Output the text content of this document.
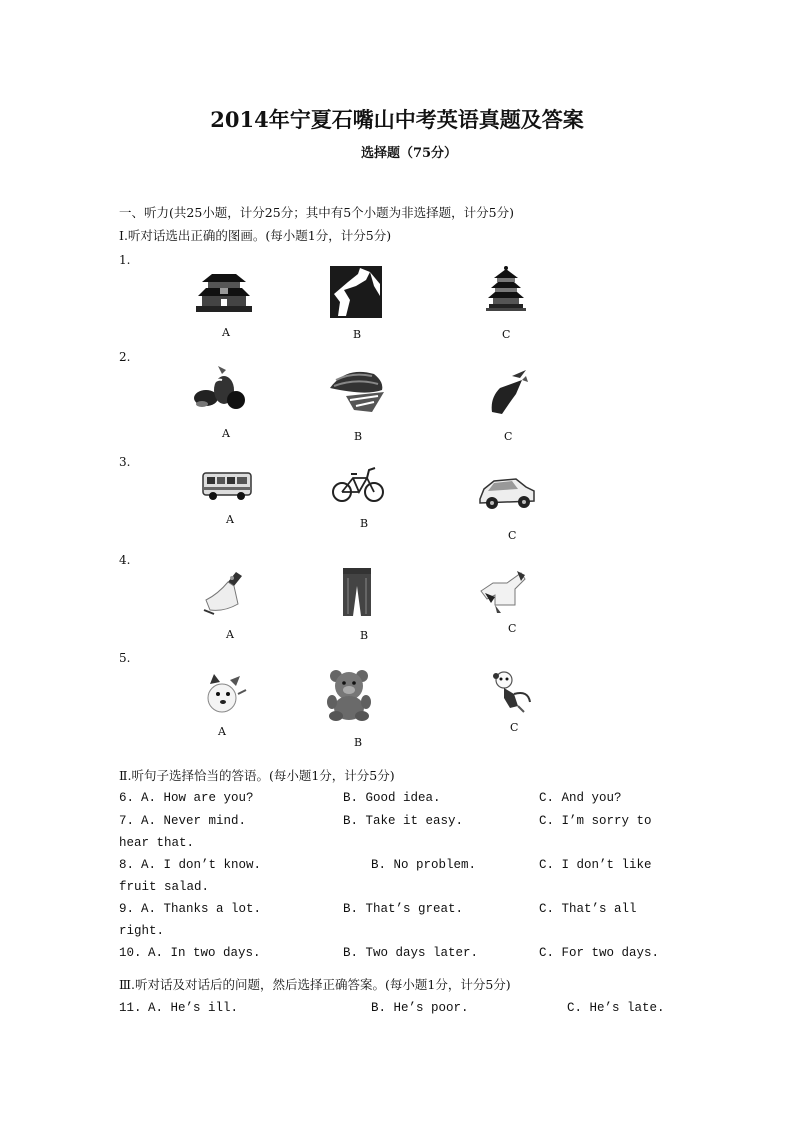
2014年宁夏石嘴山中考英语真题及答案
选择题（75分）
一、听力(共25小题，计分25分；其中有5个小题为非选择题，计分5分)
Ⅰ.听对话选出正确的图画。(每小题1分，计分5分)
1.
A	B	C
2.
A	B	C
3.
A	B
C
4.
A	B
C
5.
A
B
C
Ⅱ.听句子选择恰当的答语。(每小题1分，计分5分)
6. A. How are you?	B. Good idea.	C. And you?
7. A. Never mind.	B. Take it easy.	C. I’m sorry to
hear that.
8. A. I don’t know.	B. No problem.	C. I don’t like
fruit salad.
9. A. Thanks a lot.	B. That’s great.	C. That’s all
right.
10. A. In two days.	B. Two days later.	C. For two days.
Ⅲ.听对话及对话后的问题，然后选择正确答案。(每小题1分，计分5分)
11. A. He’s ill.	B. He’s poor.	C. He’s late.
